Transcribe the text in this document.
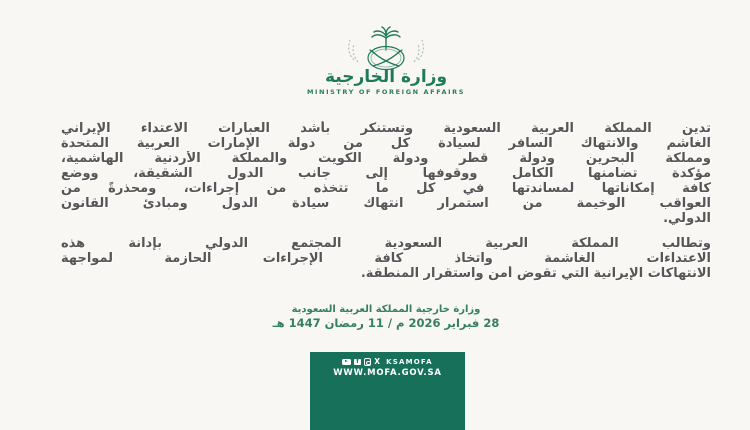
وزارة الخارجية
MINISTRY OF FOREIGN AFFAIRS
تدين المملكة العربية السعودية وتستنكر بأشد العبارات الاعتداء الإيراني
الغاشم والانتهاك السافر لسيادة كل من دولة الإمارات العربية المتحدة
ومملكة البحرين ودولة قطر ودولة الكويت والمملكة الأردنية الهاشمية،
مؤكدة تضامنها الكامل ووقوفها إلى جانب الدول الشقيقة، ووضع
كافة إمكاناتها لمساندتها في كل ما تتخذه من إجراءات، ومحذرةً من
العواقب الوخيمة من استمرار انتهاك سيادة الدول ومبادئ القانون
الدولي.
وتطالب المملكة العربية السعودية المجتمع الدولي بإدانة هذه
الاعتداءات الغاشمة واتخاذ كافة الإجراءات الحازمة لمواجهة
الانتهاكات الإيرانية التي تقوض أمن واستقرار المنطقة.
وزارة خارجية المملكة العربية السعودية
28 فبراير 2026 م / 11 رمضان 1447 هـ
f
X KSAMOFA
WWW.MOFA.GOV.SA
